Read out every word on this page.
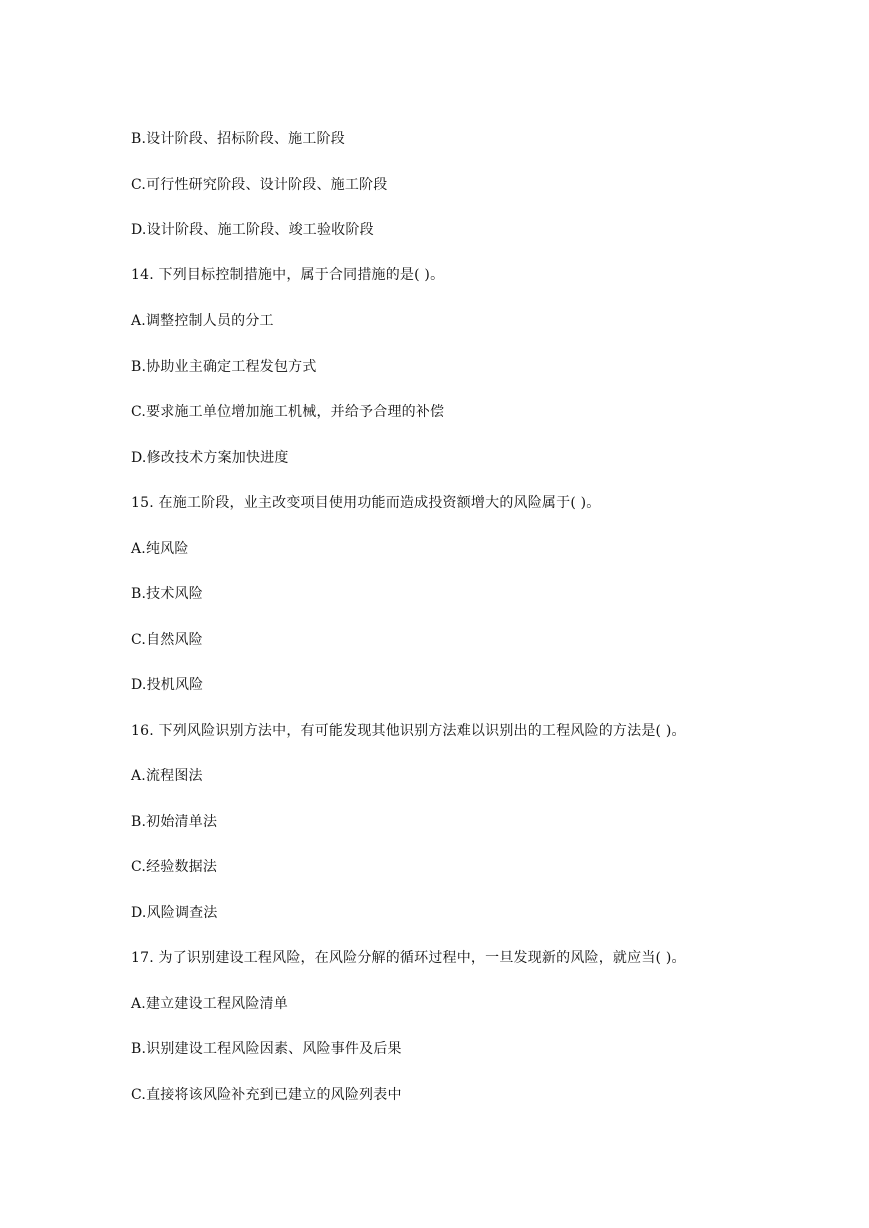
B.设计阶段、招标阶段、施工阶段
C.可行性研究阶段、设计阶段、施工阶段
D.设计阶段、施工阶段、竣工验收阶段
14. 下列目标控制措施中，属于合同措施的是( )。
A.调整控制人员的分工
B.协助业主确定工程发包方式
C.要求施工单位增加施工机械，并给予合理的补偿
D.修改技术方案加快进度
15. 在施工阶段，业主改变项目使用功能而造成投资额增大的风险属于( )。
A.纯风险
B.技术风险
C.自然风险
D.投机风险
16. 下列风险识别方法中，有可能发现其他识别方法难以识别出的工程风险的方法是( )。
A.流程图法
B.初始清单法
C.经验数据法
D.风险调查法
17. 为了识别建设工程风险，在风险分解的循环过程中，一旦发现新的风险，就应当( )。
A.建立建设工程风险清单
B.识别建设工程风险因素、风险事件及后果
C.直接将该风险补充到已建立的风险列表中
